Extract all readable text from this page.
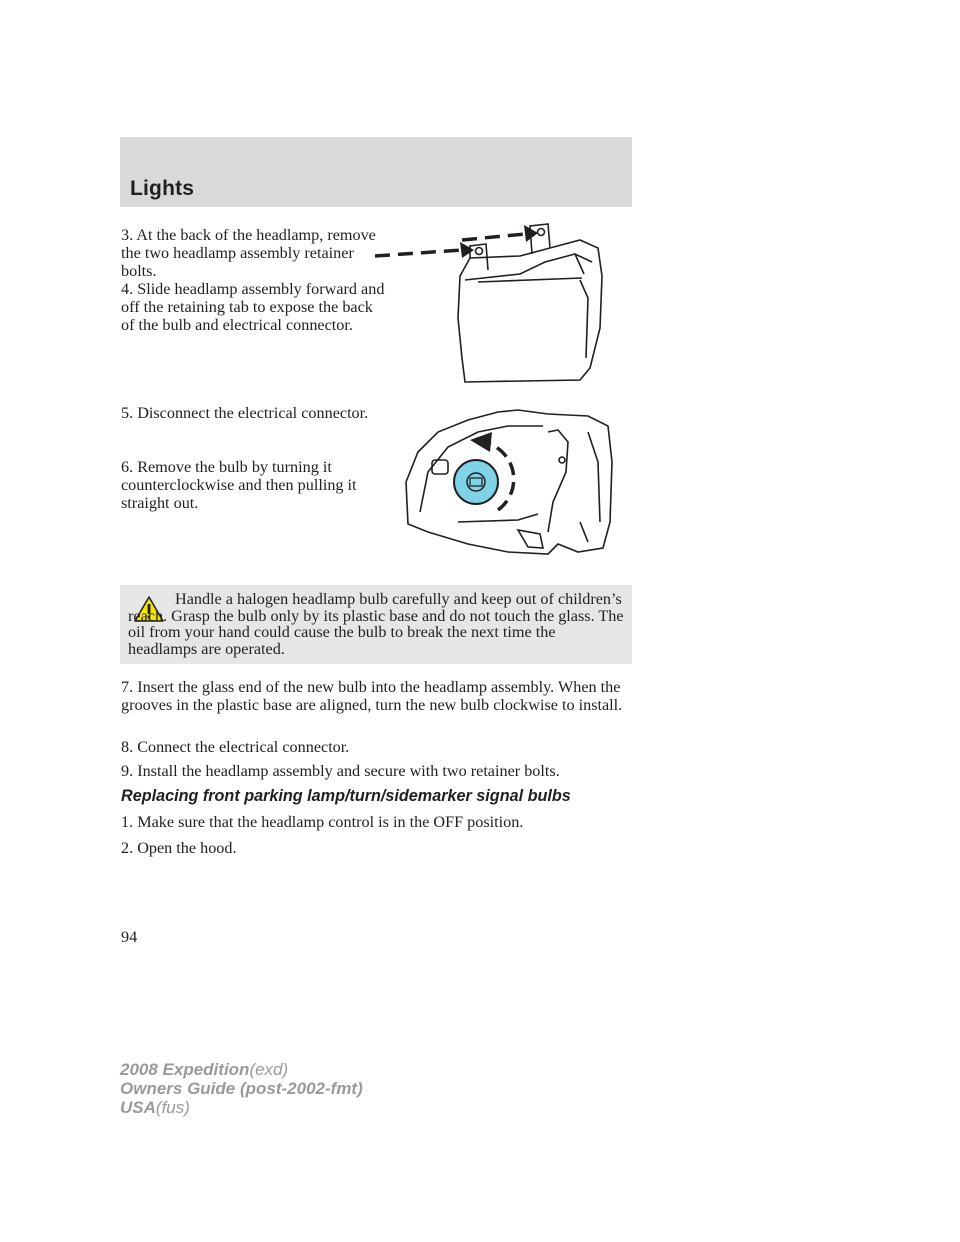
Lights

3. At the back of the headlamp, remove the two headlamp assembly retainer bolts.

4. Slide headlamp assembly forward and off the retaining tab to expose the back of the bulb and electrical connector.

5. Disconnect the electrical connector.

6. Remove the bulb by turning it counterclockwise and then pulling it straight out.

Handle a halogen headlamp bulb carefully and keep out of children’s reach. Grasp the bulb only by its plastic base and do not touch the glass. The oil from your hand could cause the bulb to break the next time the headlamps are operated.

7. Insert the glass end of the new bulb into the headlamp assembly. When the grooves in the plastic base are aligned, turn the new bulb clockwise to install.

8. Connect the electrical connector.

9. Install the headlamp assembly and secure with two retainer bolts.

Replacing front parking lamp/turn/sidemarker signal bulbs

1. Make sure that the headlamp control is in the OFF position.

2. Open the hood.

94
2008 Expedition(exd)
Owners Guide (post-2002-fmt)
USA(fus)
